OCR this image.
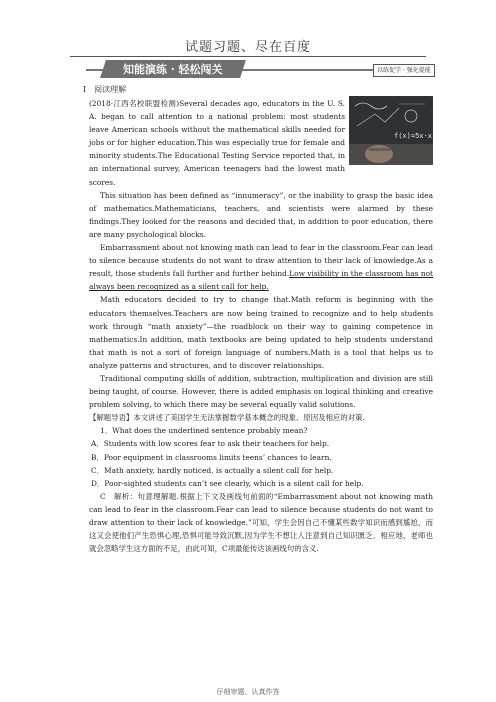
试题习题、尽在百度
知能演练 · 轻松闯关	以练促学 · 强化提能
Ⅰ　阅读理解
f(x)=5x·x

(2018·江西名校联盟检测)Several decades ago, educators in the U. S. A. began to call attention to a national problem: most students leave American schools without the mathematical skills needed for jobs or for higher education.This was especially true for female and minority students.The Educational Testing Service reported that, in an international survey, American teenagers had the lowest math scores.

This situation has been defined as “innumeracy”, or the inability to grasp the basic idea of mathematics.Mathematicians, teachers, and scientists were alarmed by these findings.They looked for the reasons and decided that, in addition to poor education, there are many psychological blocks.

Embarrassment about not knowing math can lead to fear in the classroom.Fear can lead to silence because students do not want to draw attention to their lack of knowledge.As a result, those students fall further and further behind.Low visibility in the classroom has not always been recognized as a silent call for help.

Math educators decided to try to change that.Math reform is beginning with the educators themselves.Teachers are now being trained to recognize and to help students work through “math anxiety”—the roadblock on their way to gaining competence in mathematics.In addition, math textbooks are being updated to help students understand that math is not a sort of foreign language of numbers.Math is a tool that helps us to analyze patterns and structures, and to discover relationships.

Traditional computing skills of addition, subtraction, multiplication and division are still being taught, of course. However, there is added emphasis on logical thinking and creative problem solving, to which there may be several equally valid solutions.

【解题导语】本文讲述了美国学生无法掌握数学基本概念的现象、原因及相应的对策.

1．What does the underlined sentence probably mean?

A．Students with low scores fear to ask their teachers for help.

B．Poor equipment in classrooms limits teens’ chances to learn.

C．Math anxiety, hardly noticed, is actually a silent call for help.

D．Poor-sighted students can’t see clearly, which is a silent call for help.

C　 解析：句意理解题.根据上下文及画线句前面的“Embarrassment about not knowing math can lead to fear in the classroom.Fear can lead to silence because students do not want to draw attention to their lack of knowledge.”可知，学生会因自己不懂某些数学知识而感到尴尬，而这又会使他们产生恐惧心理,恐惧可能导致沉默,因为学生不想让人注意到自己知识匮乏，相应地，老师也就会忽略学生这方面的不足，由此可知，C项最能传达该画线句的含义.

仔细审题、认真作答
